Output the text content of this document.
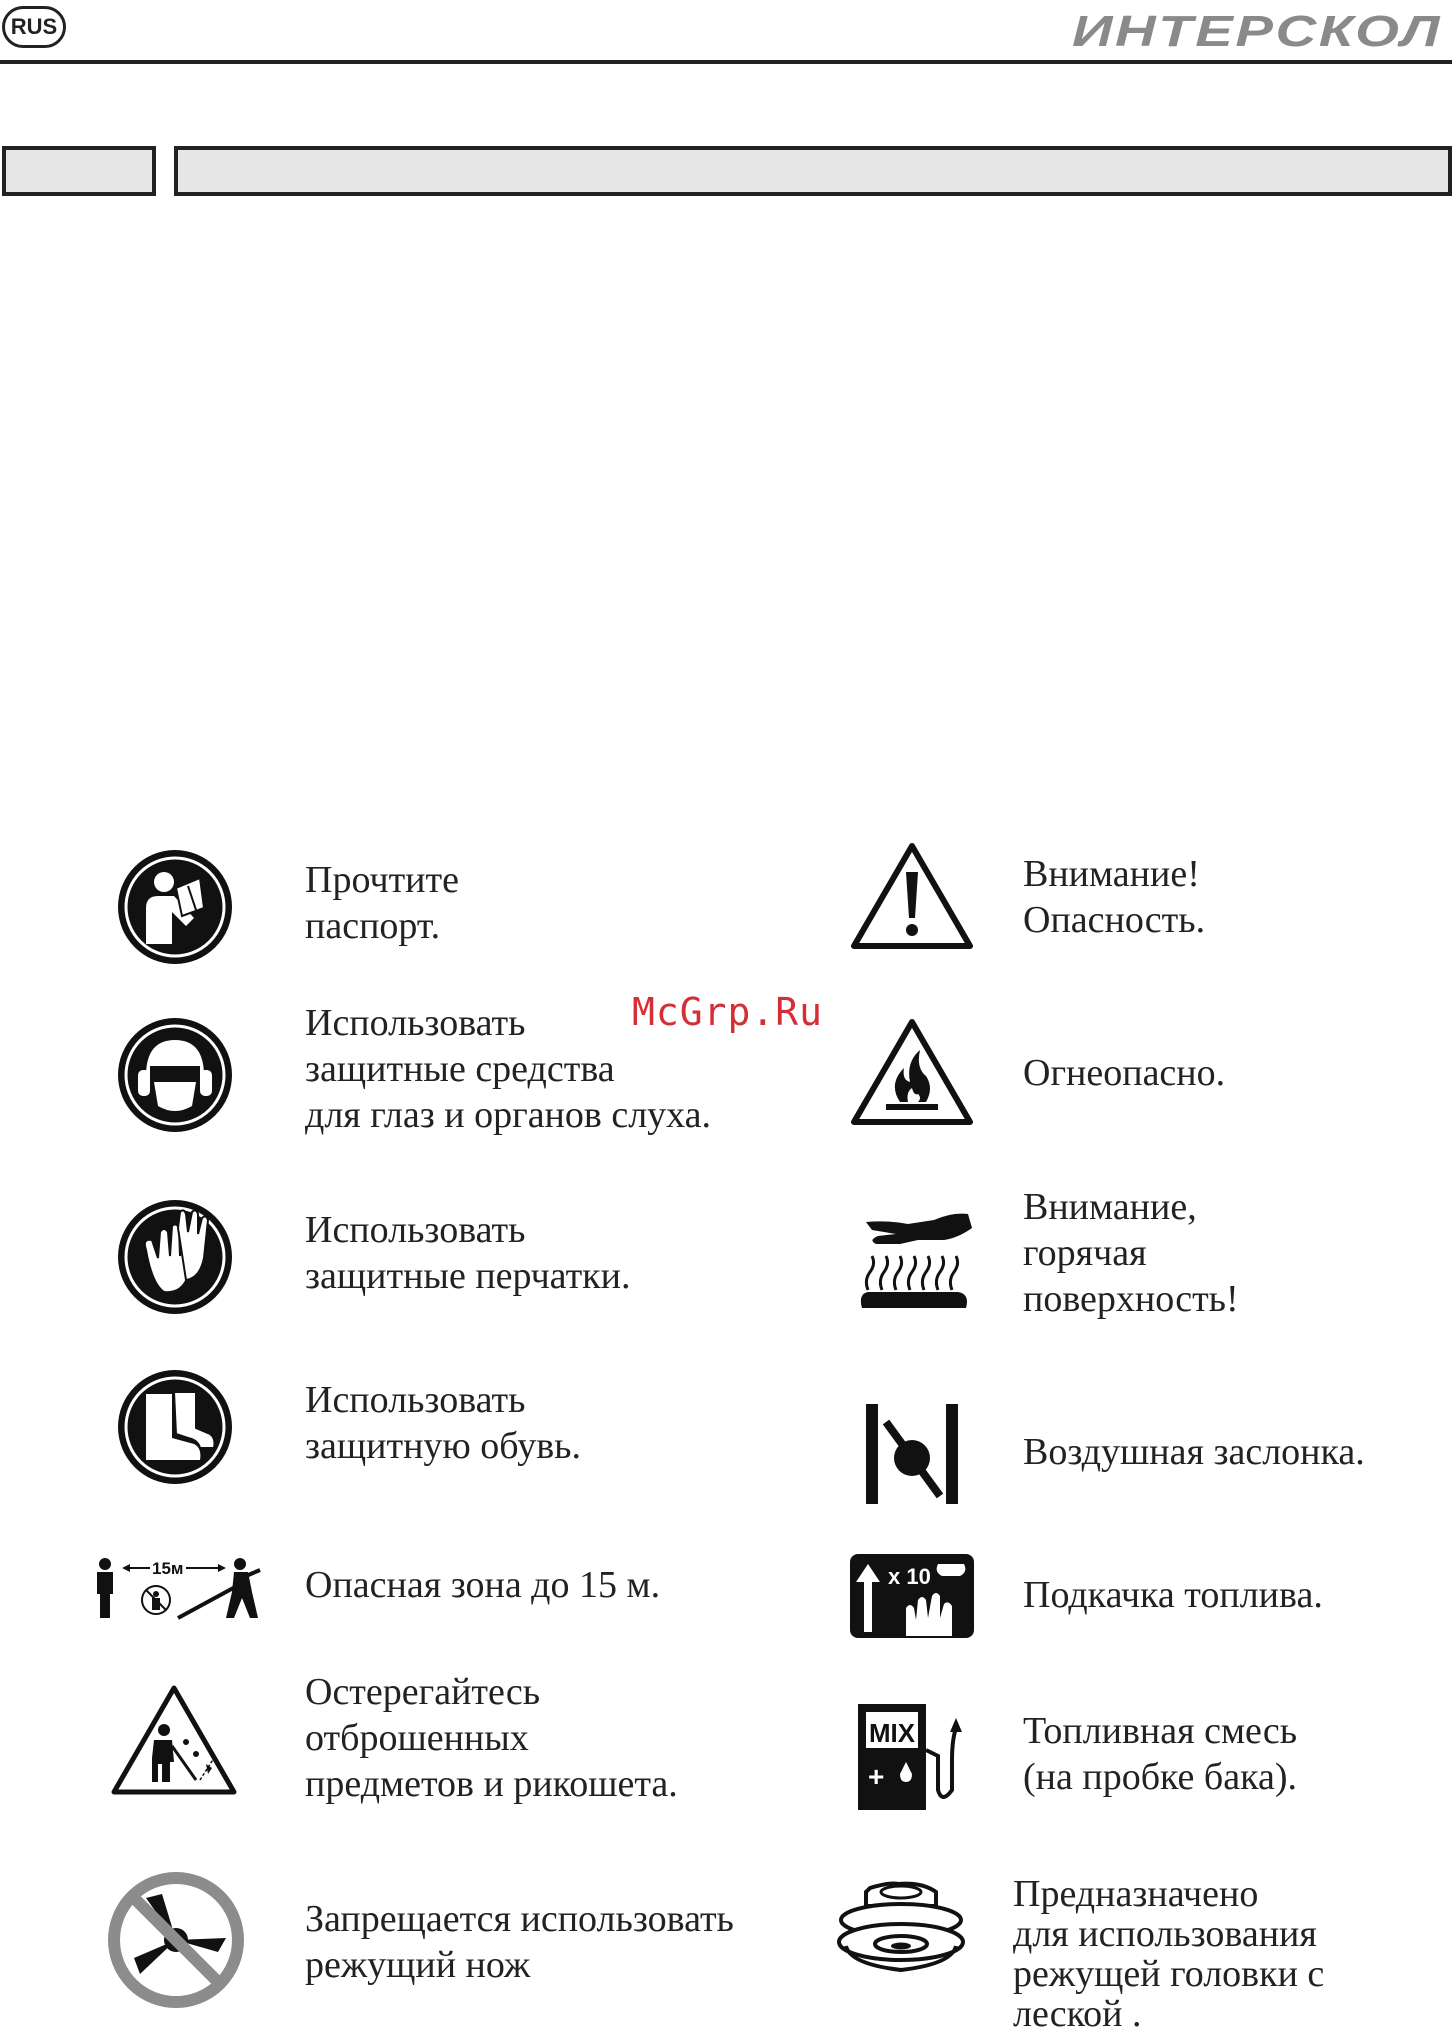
RUS	ИНТЕРСКОЛ
McGrp.Ru
15м
Прочтите
паспорт.
Использовать
защитные средства
для глаз и органов слуха.
Использовать
защитные перчатки.
Использовать
защитную обувь.
Опасная зона до 15 м.
Остерегайтесь
отброшенных
предметов и рикошета.
Запрещается использовать
режущий нож
x 10
MIX
+
Внимание!
Опасность.
Огнеопасно.
Внимание,
горячая
поверхность!
Воздушная заслонка.
Подкачка топлива.
Топливная смесь
(на пробке бака).
Предназначено
для использования
режущей головки с
леской .
